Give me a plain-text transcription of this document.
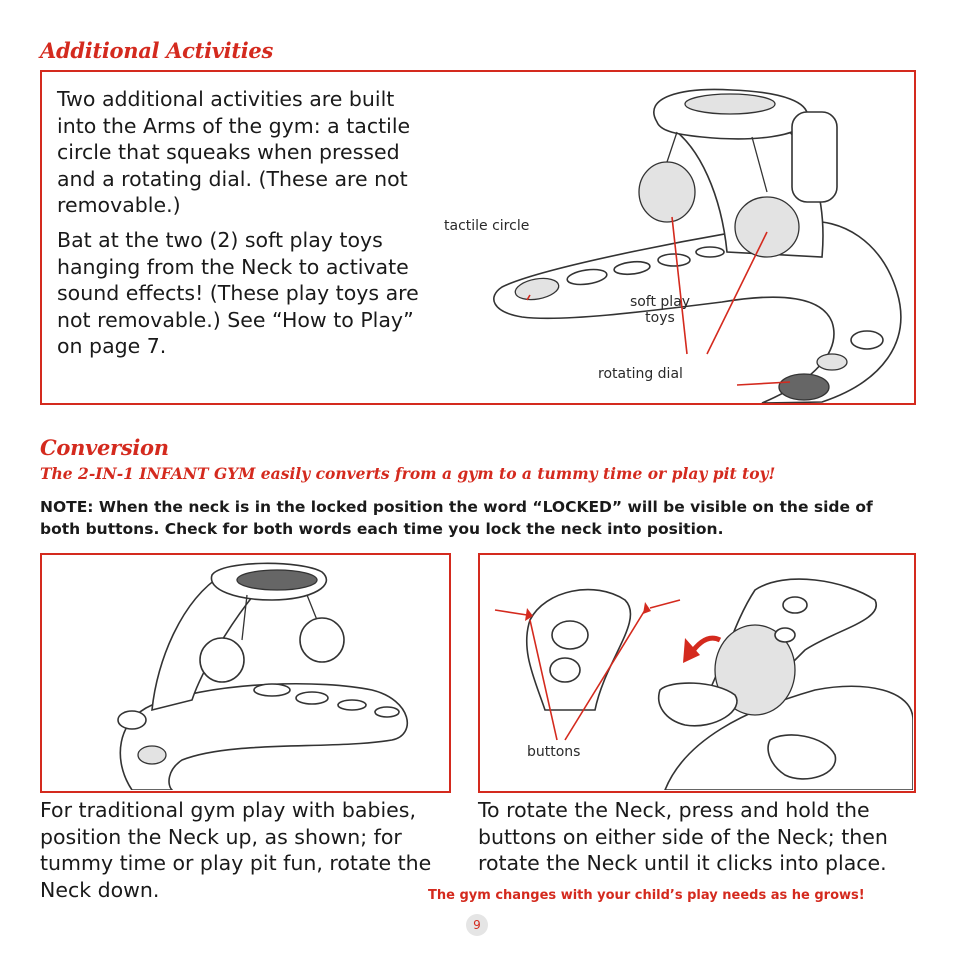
Additional Activities

Two additional activities are built into the Arms of the gym: a tactile circle that squeaks when pressed and a rotating dial. (These are not removable.)

Bat at the two (2) soft play toys hanging from the Neck to activate sound effects! (These play toys are not removable.) See “How to Play” on page 7.

tactile circle
soft play
toys
rotating dial
Conversion
The 2-IN-1 INFANT GYM easily converts from a gym to a tummy time or play pit toy!
NOTE: When the neck is in the locked position the word “LOCKED” will be visible on the side of both buttons. Check for both words each time you lock the neck into position.
buttons
For traditional gym play with babies, position the Neck up, as shown; for tummy time or play pit fun, rotate the Neck down.
To rotate the Neck, press and hold the buttons on either side of the Neck; then rotate the Neck until it clicks into place.
The gym changes with your child’s play needs as he grows!
9
